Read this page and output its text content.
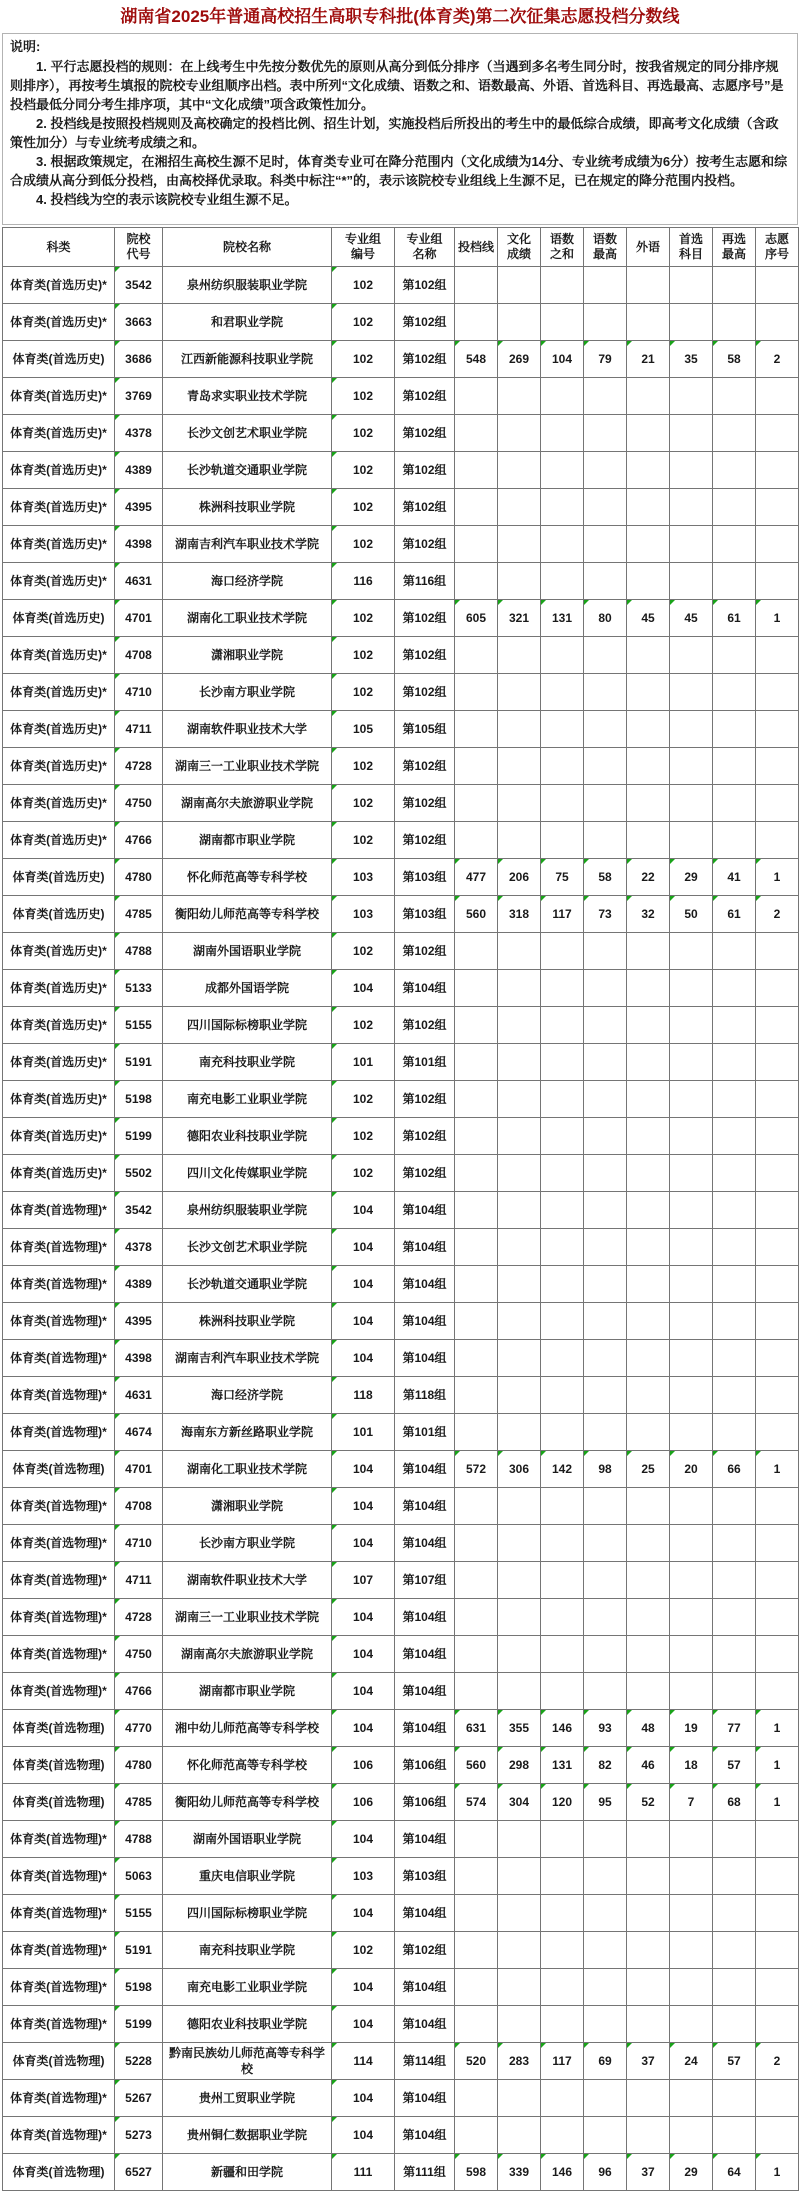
湖南省2025年普通高校招生高职专科批(体育类)第二次征集志愿投档分数线

说明:

1. 平行志愿投档的规则：在上线考生中先按分数优先的原则从高分到低分排序（当遇到多名考生同分时，按我省规定的同分排序规则排序），再按考生填报的院校专业组顺序出档。表中所列“文化成绩、语数之和、语数最高、外语、首选科目、再选最高、志愿序号”是投档最低分同分考生排序项，其中“文化成绩”项含政策性加分。

2. 投档线是按照投档规则及高校确定的投档比例、招生计划，实施投档后所投出的考生中的最低综合成绩，即高考文化成绩（含政策性加分）与专业统考成绩之和。

3. 根据政策规定，在湘招生高校生源不足时，体育类专业可在降分范围内（文化成绩为14分、专业统考成绩为6分）按考生志愿和综合成绩从高分到低分投档，由高校择优录取。科类中标注“*”的，表示该院校专业组线上生源不足，已在规定的降分范围内投档。

4. 投档线为空的表示该院校专业组生源不足。

科类	院校代号	院校名称	专业组编号	专业组名称	投档线	文化成绩	语数之和	语数最高	外语	首选科目	再选最高	志愿序号
体育类(首选历史)*	3542	泉州纺织服装职业学院	102	第102组								
体育类(首选历史)*	3663	和君职业学院	102	第102组								
体育类(首选历史)	3686	江西新能源科技职业学院	102	第102组	548	269	104	79	21	35	58	2
体育类(首选历史)*	3769	青岛求实职业技术学院	102	第102组								
体育类(首选历史)*	4378	长沙文创艺术职业学院	102	第102组								
体育类(首选历史)*	4389	长沙轨道交通职业学院	102	第102组								
体育类(首选历史)*	4395	株洲科技职业学院	102	第102组								
体育类(首选历史)*	4398	湖南吉利汽车职业技术学院	102	第102组								
体育类(首选历史)*	4631	海口经济学院	116	第116组								
体育类(首选历史)	4701	湖南化工职业技术学院	102	第102组	605	321	131	80	45	45	61	1
体育类(首选历史)*	4708	潇湘职业学院	102	第102组								
体育类(首选历史)*	4710	长沙南方职业学院	102	第102组								
体育类(首选历史)*	4711	湖南软件职业技术大学	105	第105组								
体育类(首选历史)*	4728	湖南三一工业职业技术学院	102	第102组								
体育类(首选历史)*	4750	湖南高尔夫旅游职业学院	102	第102组								
体育类(首选历史)*	4766	湖南都市职业学院	102	第102组								
体育类(首选历史)	4780	怀化师范高等专科学校	103	第103组	477	206	75	58	22	29	41	1
体育类(首选历史)	4785	衡阳幼儿师范高等专科学校	103	第103组	560	318	117	73	32	50	61	2
体育类(首选历史)*	4788	湖南外国语职业学院	102	第102组								
体育类(首选历史)*	5133	成都外国语学院	104	第104组								
体育类(首选历史)*	5155	四川国际标榜职业学院	102	第102组								
体育类(首选历史)*	5191	南充科技职业学院	101	第101组								
体育类(首选历史)*	5198	南充电影工业职业学院	102	第102组								
体育类(首选历史)*	5199	德阳农业科技职业学院	102	第102组								
体育类(首选历史)*	5502	四川文化传媒职业学院	102	第102组								
体育类(首选物理)*	3542	泉州纺织服装职业学院	104	第104组								
体育类(首选物理)*	4378	长沙文创艺术职业学院	104	第104组								
体育类(首选物理)*	4389	长沙轨道交通职业学院	104	第104组								
体育类(首选物理)*	4395	株洲科技职业学院	104	第104组								
体育类(首选物理)*	4398	湖南吉利汽车职业技术学院	104	第104组								
体育类(首选物理)*	4631	海口经济学院	118	第118组								
体育类(首选物理)*	4674	海南东方新丝路职业学院	101	第101组								
体育类(首选物理)	4701	湖南化工职业技术学院	104	第104组	572	306	142	98	25	20	66	1
体育类(首选物理)*	4708	潇湘职业学院	104	第104组								
体育类(首选物理)*	4710	长沙南方职业学院	104	第104组								
体育类(首选物理)*	4711	湖南软件职业技术大学	107	第107组								
体育类(首选物理)*	4728	湖南三一工业职业技术学院	104	第104组								
体育类(首选物理)*	4750	湖南高尔夫旅游职业学院	104	第104组								
体育类(首选物理)*	4766	湖南都市职业学院	104	第104组								
体育类(首选物理)	4770	湘中幼儿师范高等专科学校	104	第104组	631	355	146	93	48	19	77	1
体育类(首选物理)	4780	怀化师范高等专科学校	106	第106组	560	298	131	82	46	18	57	1
体育类(首选物理)	4785	衡阳幼儿师范高等专科学校	106	第106组	574	304	120	95	52	7	68	1
体育类(首选物理)*	4788	湖南外国语职业学院	104	第104组								
体育类(首选物理)*	5063	重庆电信职业学院	103	第103组								
体育类(首选物理)*	5155	四川国际标榜职业学院	104	第104组								
体育类(首选物理)*	5191	南充科技职业学院	102	第102组								
体育类(首选物理)*	5198	南充电影工业职业学院	104	第104组								
体育类(首选物理)*	5199	德阳农业科技职业学院	104	第104组								
体育类(首选物理)	5228	黔南民族幼儿师范高等专科学校	114	第114组	520	283	117	69	37	24	57	2
体育类(首选物理)*	5267	贵州工贸职业学院	104	第104组								
体育类(首选物理)*	5273	贵州铜仁数据职业学院	104	第104组								
体育类(首选物理)	6527	新疆和田学院	111	第111组	598	339	146	96	37	29	64	1
